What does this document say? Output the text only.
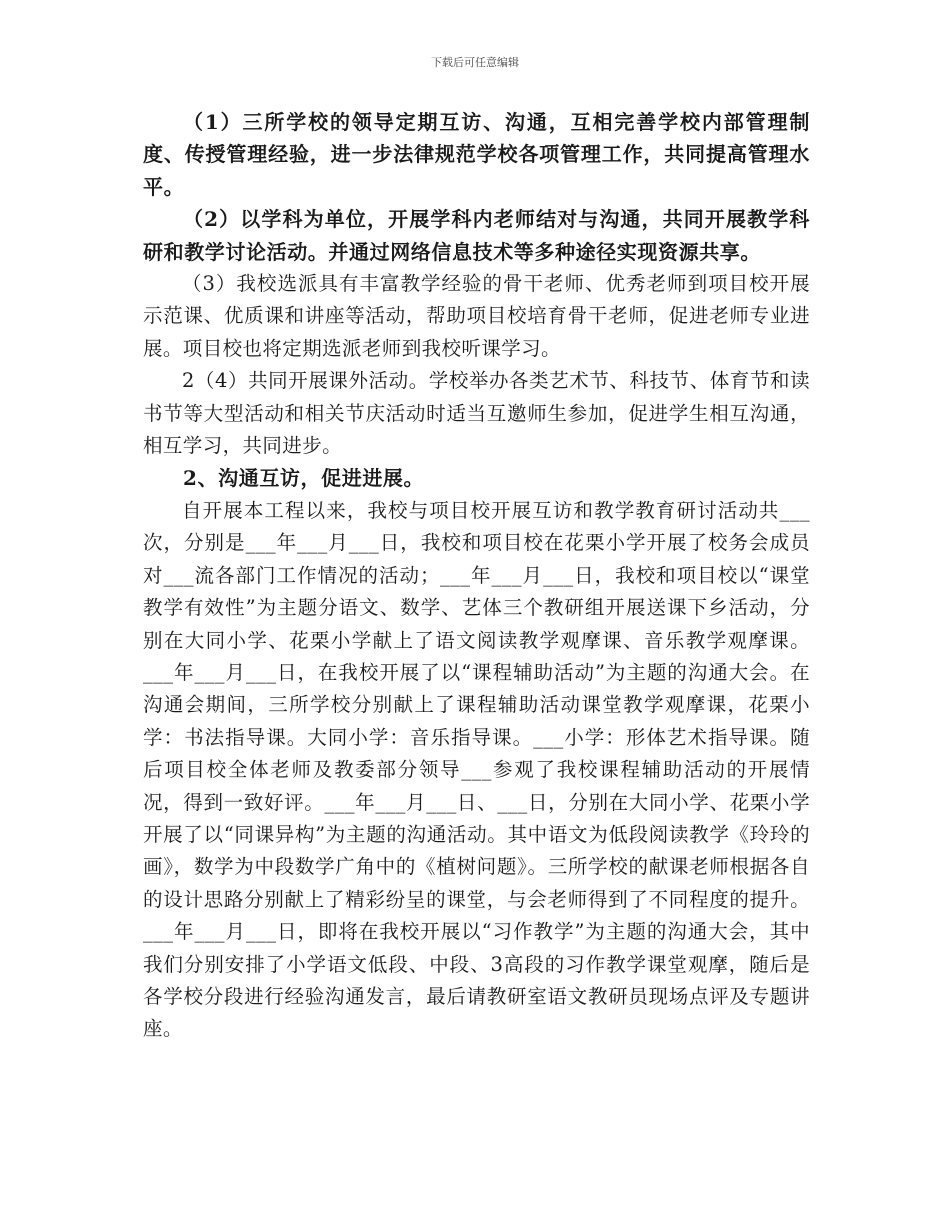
下载后可任意编辑

（1）三所学校的领导定期互访、沟通，互相完善学校内部管理制度、传授管理经验，进一步法律规范学校各项管理工作，共同提高管理水平。

（2）以学科为单位，开展学科内老师结对与沟通，共同开展教学科研和教学讨论活动。并通过网络信息技术等多种途径实现资源共享。

（3）我校选派具有丰富教学经验的骨干老师、优秀老师到项目校开展示范课、优质课和讲座等活动，帮助项目校培育骨干老师，促进老师专业进展。项目校也将定期选派老师到我校听课学习。

2（4）共同开展课外活动。学校举办各类艺术节、科技节、体育节和读书节等大型活动和相关节庆活动时适当互邀师生参加，促进学生相互沟通，相互学习，共同进步。

2、沟通互访，促进进展。

自开展本工程以来，我校与项目校开展互访和教学教育研讨活动共___次，分别是___年___月___日，我校和项目校在花栗小学开展了校务会成员对___流各部门工作情况的活动；___年___月___日，我校和项目校以“课堂教学有效性”为主题分语文、数学、艺体三个教研组开展送课下乡活动，分别在大同小学、花栗小学献上了语文阅读教学观摩课、音乐教学观摩课。___年___月___日，在我校开展了以“课程辅助活动”为主题的沟通大会。在沟通会期间，三所学校分别献上了课程辅助活动课堂教学观摩课，花栗小学：书法指导课。大同小学：音乐指导课。___小学：形体艺术指导课。随后项目校全体老师及教委部分领导___参观了我校课程辅助活动的开展情况，得到一致好评。___年___月___日、___日，分别在大同小学、花栗小学开展了以“同课异构”为主题的沟通活动。其中语文为低段阅读教学《玲玲的画》，数学为中段数学广角中的《植树问题》。三所学校的献课老师根据各自的设计思路分别献上了精彩纷呈的课堂，与会老师得到了不同程度的提升。___年___月___日，即将在我校开展以“习作教学”为主题的沟通大会，其中我们分别安排了小学语文低段、中段、3高段的习作教学课堂观摩，随后是各学校分段进行经验沟通发言，最后请教研室语文教研员现场点评及专题讲座。
